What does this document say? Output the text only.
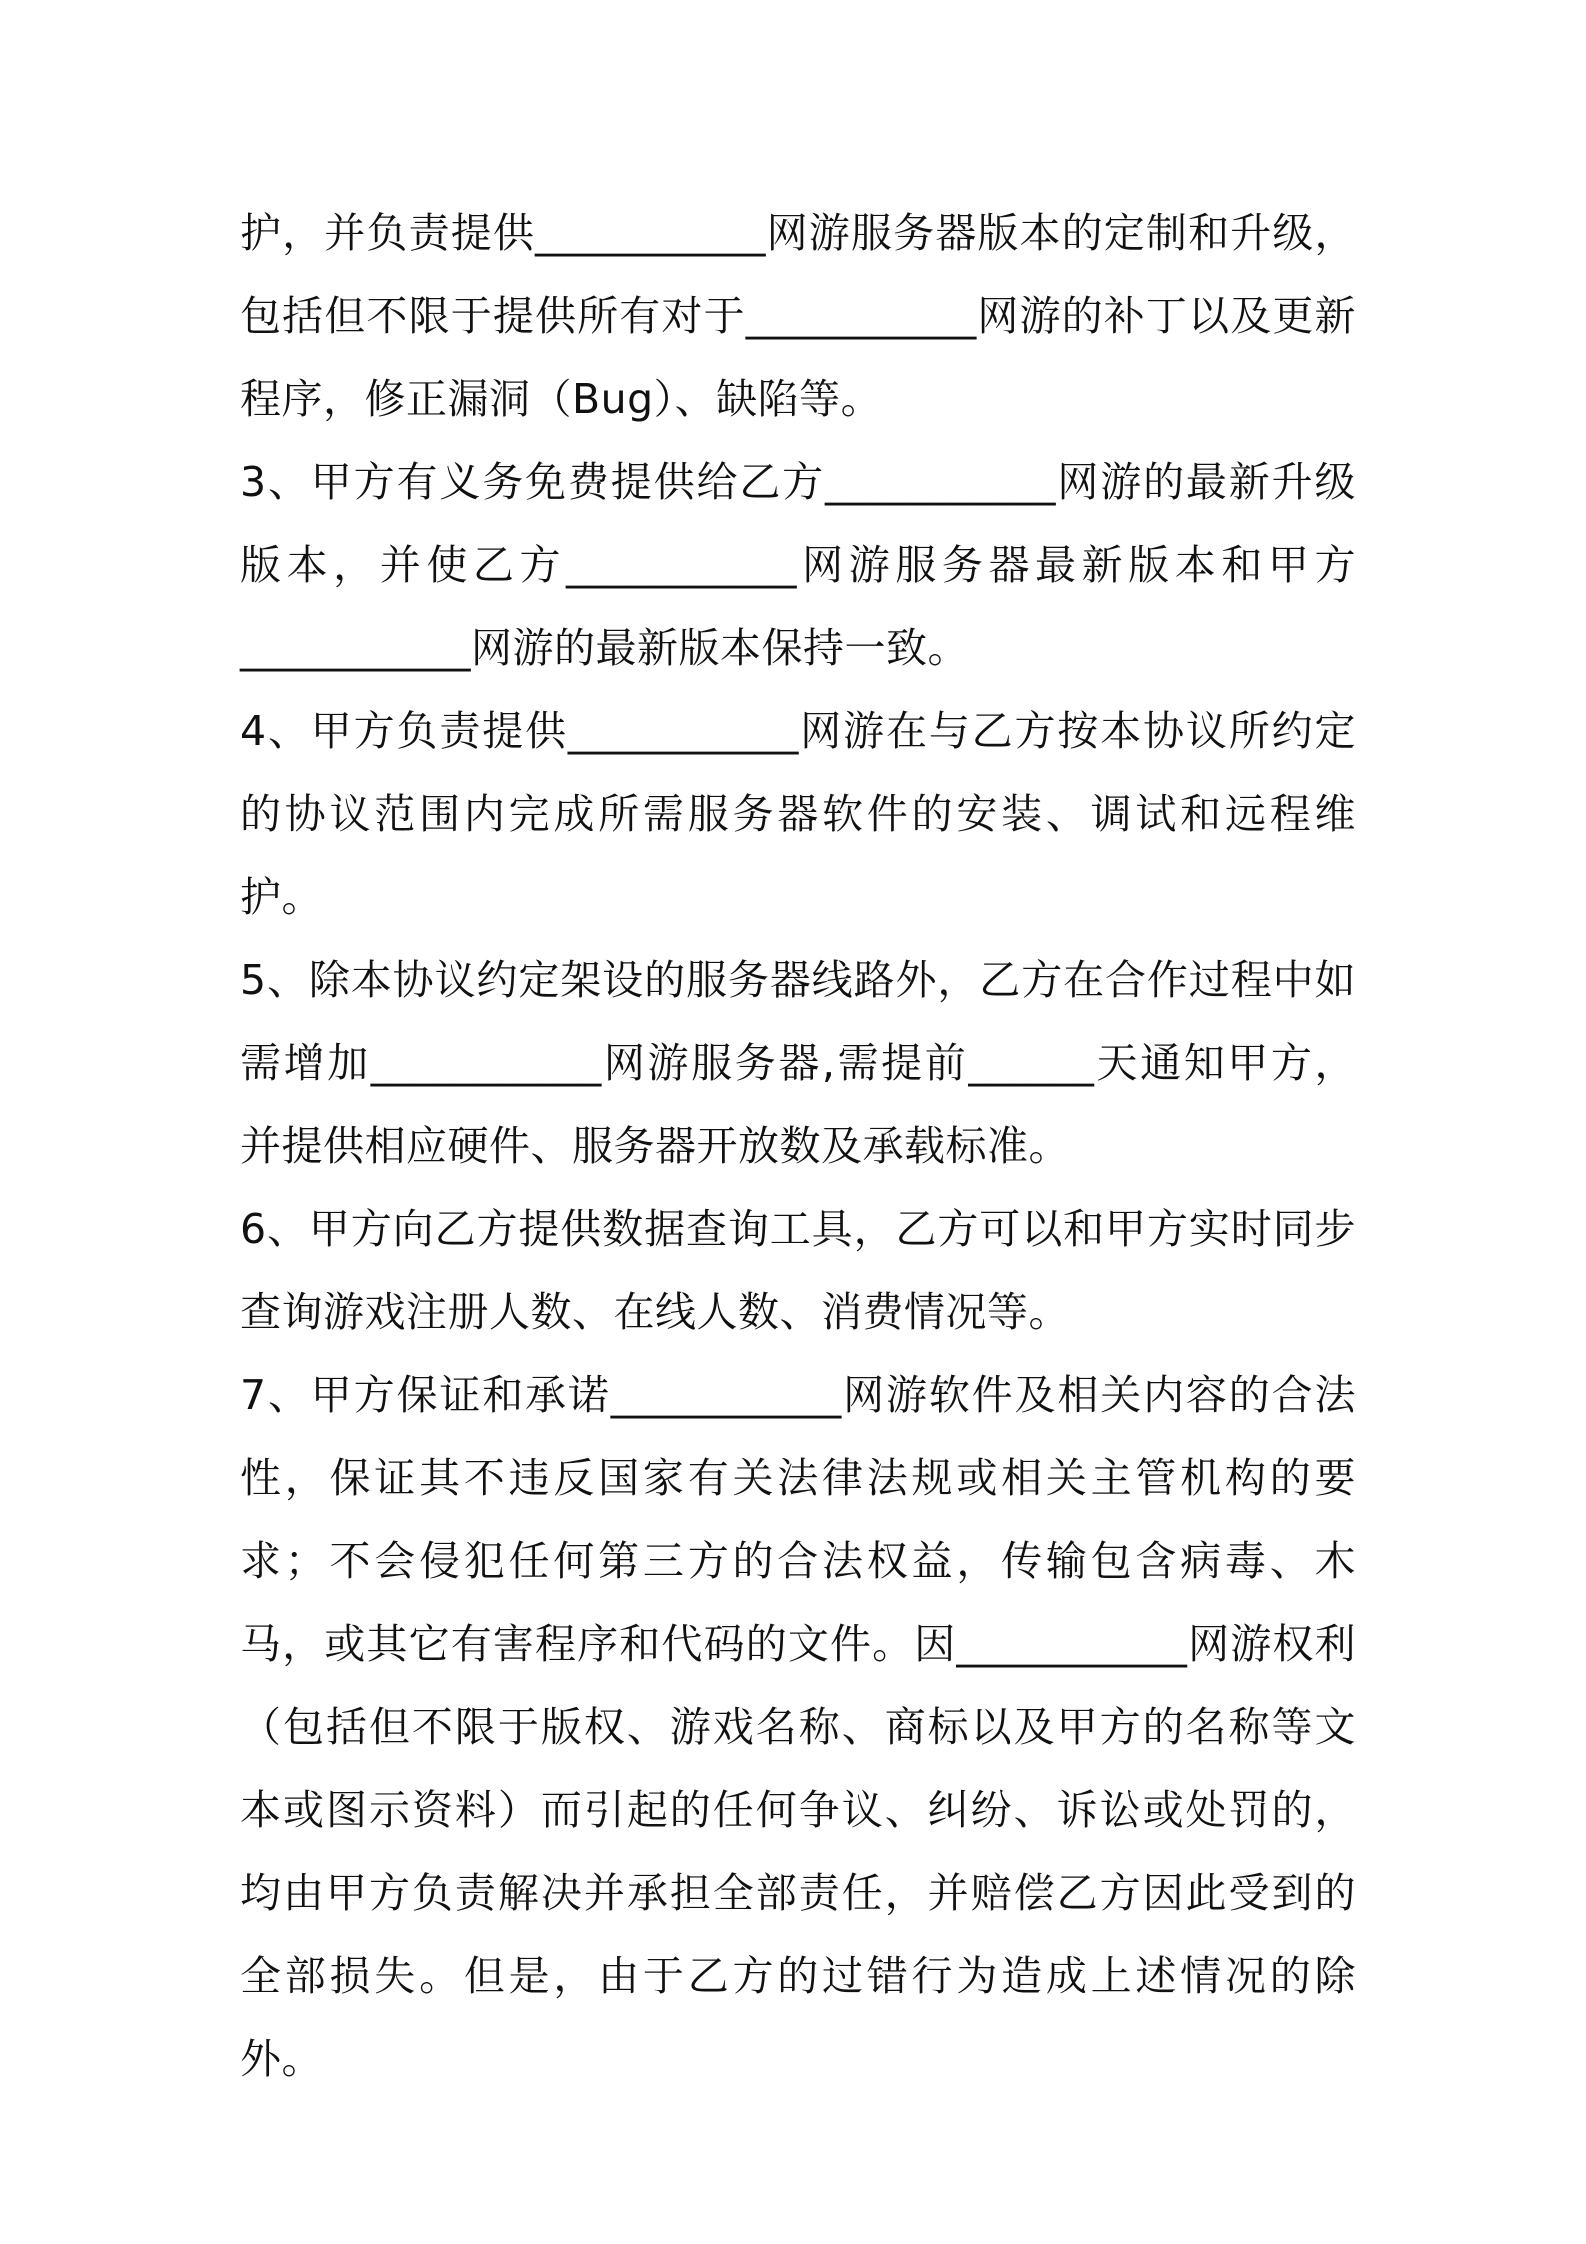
护，并负责提供___________网游服务器版本的定制和升级，包括但不限于提供所有对于___________网游的补丁以及更新程序，修正漏洞（Bug）、缺陷等。

3、甲方有义务免费提供给乙方___________网游的最新升级版本，并使乙方___________网游服务器最新版本和甲方___________网游的最新版本保持一致。

4、甲方负责提供___________网游在与乙方按本协议所约定的协议范围内完成所需服务器软件的安装、调试和远程维护。

5、除本协议约定架设的服务器线路外，乙方在合作过程中如需增加___________网游服务器,需提前______天通知甲方，并提供相应硬件、服务器开放数及承载标准。

6、甲方向乙方提供数据查询工具，乙方可以和甲方实时同步查询游戏注册人数、在线人数、消费情况等。

7、甲方保证和承诺___________网游软件及相关内容的合法性，保证其不违反国家有关法律法规或相关主管机构的要求；不会侵犯任何第三方的合法权益，传输包含病毒、木马，或其它有害程序和代码的文件。因___________网游权利（包括但不限于版权、游戏名称、商标以及甲方的名称等文本或图示资料）而引起的任何争议、纠纷、诉讼或处罚的，均由甲方负责解决并承担全部责任，并赔偿乙方因此受到的全部损失。但是，由于乙方的过错行为造成上述情况的除外。
